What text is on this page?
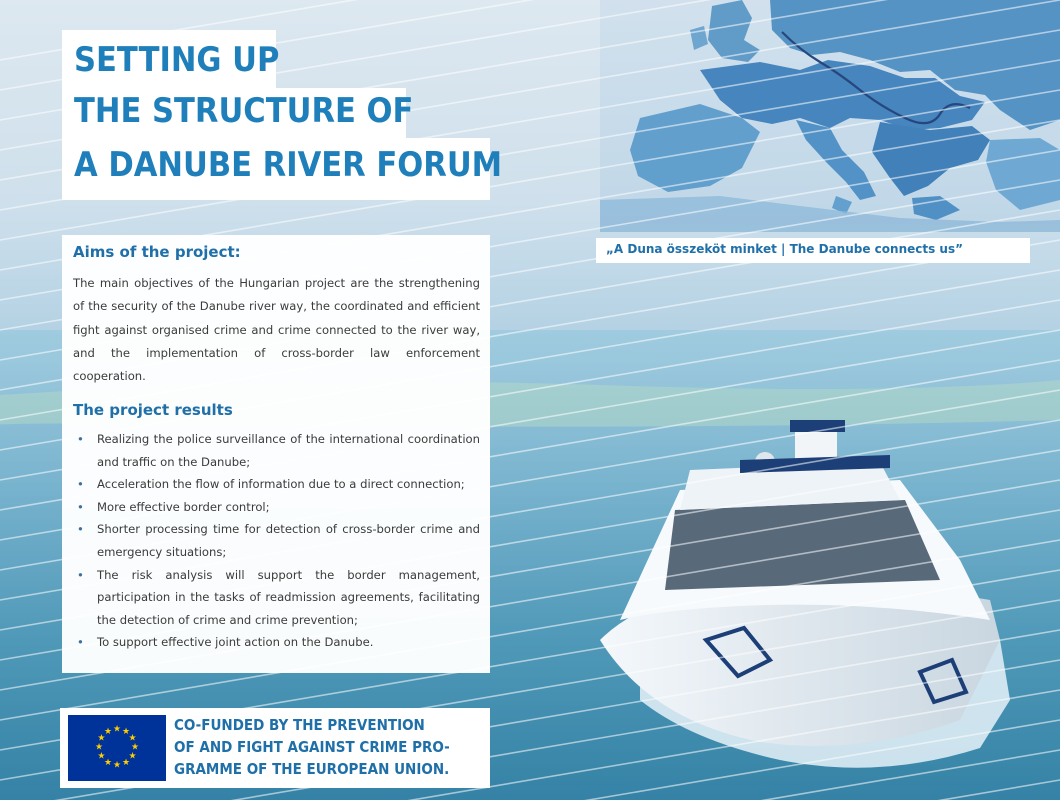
SETTING UP
THE STRUCTURE OF
A DANUBE RIVER FORUM
Aims of the project:
The main objectives of the Hungarian project are the strengthening of the security of the Danube river way, the coordinated and efficient fight against organised crime and crime connected to the river way, and the implementation of cross-border law enforcement cooperation.
The project results
• Realizing the police surveillance of the international coordination and traffic on the Danube;
• Acceleration the flow of information due to a direct connection;
• More effective border control;
• Shorter processing time for detection of cross-border crime and emergency situations;
• The risk analysis will support the border management, participation in the tasks of readmission agreements, facilitating the detection of crime and crime prevention;
• To support effective joint action on the Danube.
„A Duna összeköt minket | The Danube connects us”
★ ★
★
★
★
★
★
★
★
★
★
★	CO-FUNDED BY THE PREVENTION
OF AND FIGHT AGAINST CRIME PRO-
GRAMME OF THE EUROPEAN UNION.
